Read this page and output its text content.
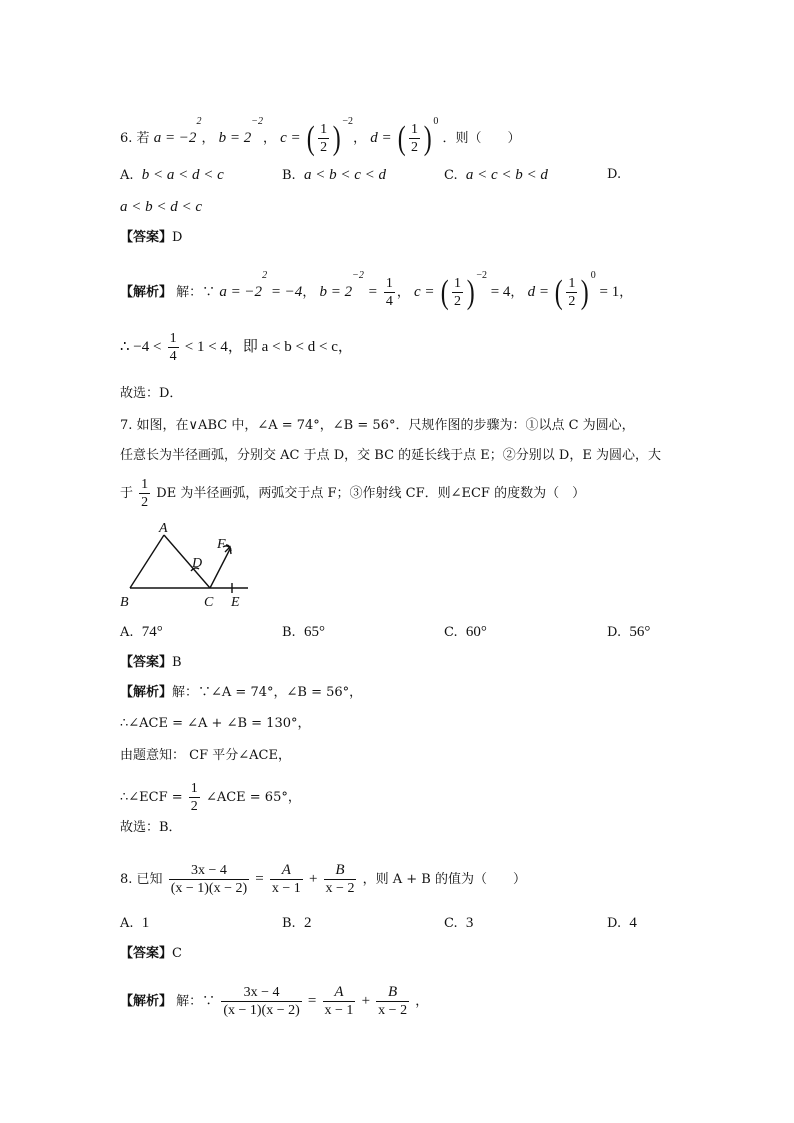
6. 若 $a = -2^2$， $b = 2^{-2}$， c = ( $\frac{1}{2}$ ) $^{-2}$， d = ( $\frac{1}{2}$ ) $^0$ ．则（　　）
A. b < a < d < c	B. a < b < c < d	C. a < c < b < d	D.
a < b < d < c
【答案】D
【解析】 解：∵ $a = -2^2 = -4$， $b = 2^{-2} = \frac{1}{4}$ ， c = ( $\frac{1}{2}$ ) $^{-2}$ = 4， d = ( $\frac{1}{2}$ ) $^0$ = 1，
∴ $-4 < \frac{1}{4} < 1 < 4$，即 a < b < d < c，
故选：D．
7. 如图，在∨ABC 中，∠A = 74°，∠B = 56°．尺规作图的步骤为：①以点 C 为圆心，
任意长为半径画弧，分别交 AC 于点 D，交 BC 的延长线于点 E；②分别以 D，E 为圆心，大
于 $\frac{1}{2}$ DE 为半径画弧，两弧交于点 F；③作射线 CF．则∠ECF 的度数为（　）
A
D
F
B	C E
A. 74°	B. 65°	C. 60°	D. 56°
【答案】B
【解析】解：∵∠A = 74°，∠B = 56°，
∴∠ACE = ∠A + ∠B = 130°，
由题意知： CF 平分∠ACE，
∴∠ECF = $\frac{1}{2}$ ∠ACE = 65°，
故选：B．
8. 已知 $\frac{3x - 4}{(x - 1)(x - 2)} = \frac{A}{x - 1} + \frac{B}{x - 2}$ ，则 A + B 的值为（　　）
A. 1	B. 2	C. 3	D. 4
【答案】C
【解析】 解：∵ $\frac{3x - 4}{(x - 1)(x - 2)} = \frac{A}{x - 1} + \frac{B}{x - 2}$ ，
